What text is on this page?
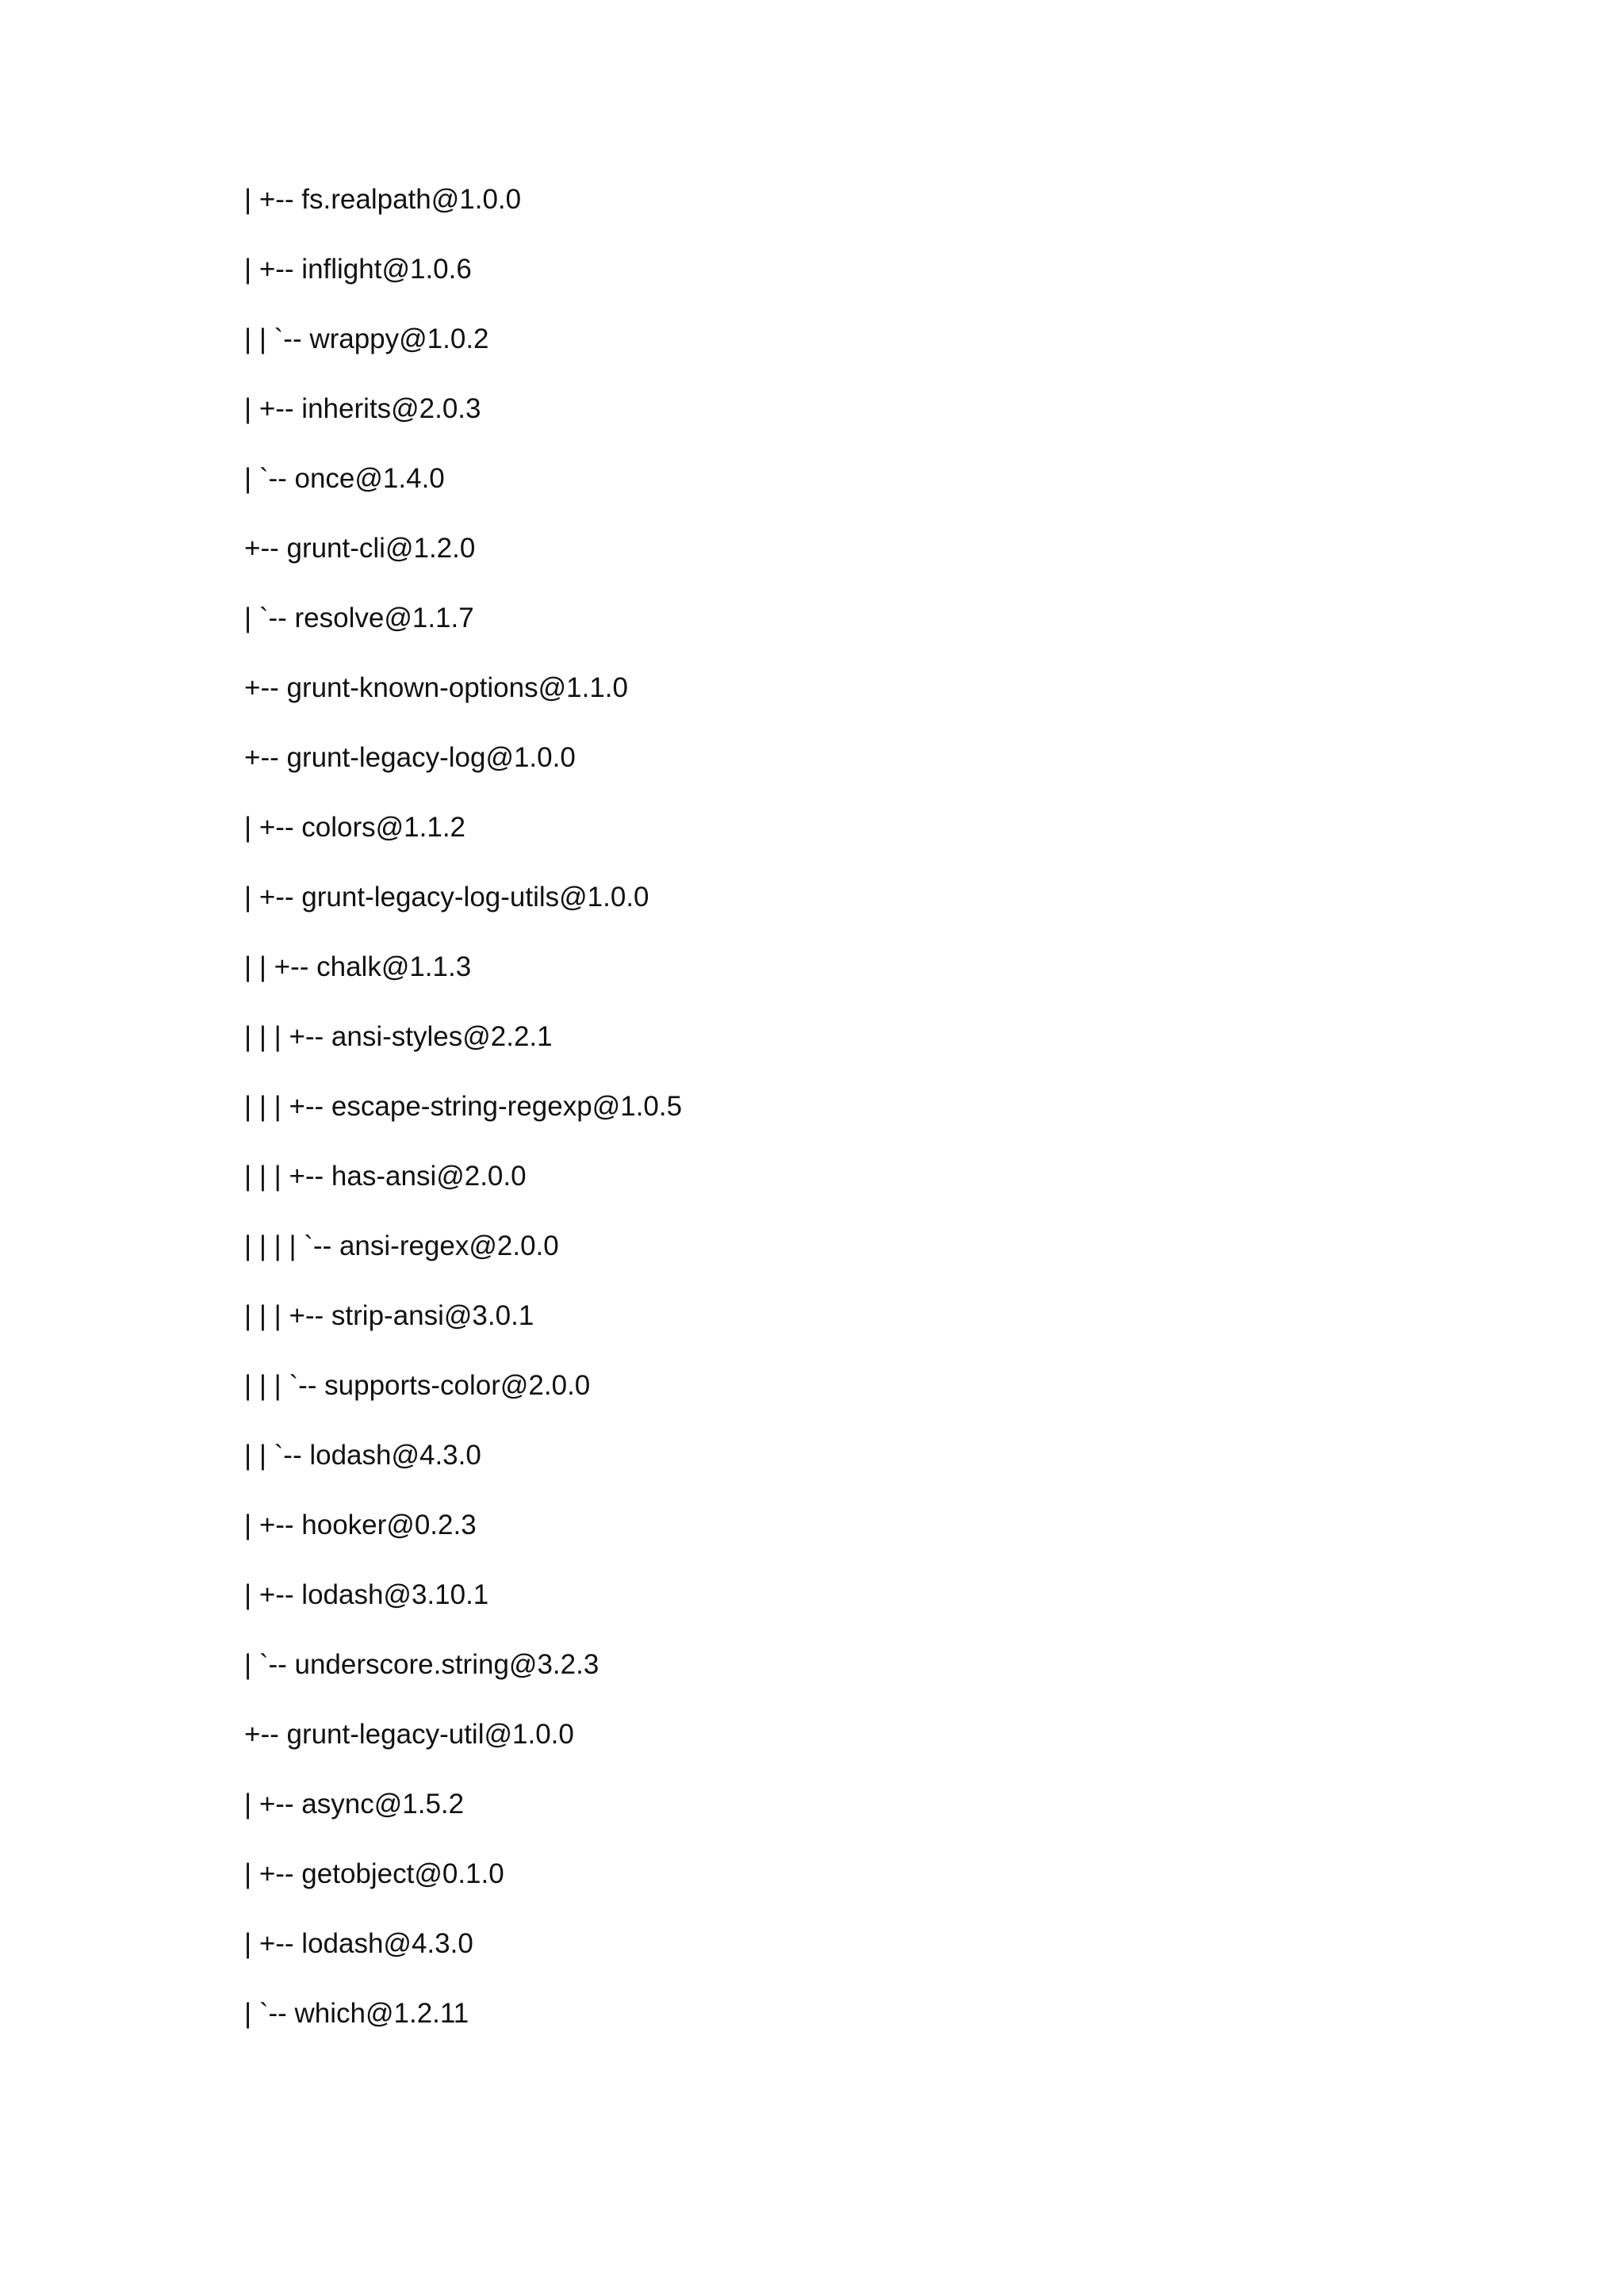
| +-- fs.realpath@1.0.0
| +-- inflight@1.0.6
| | `-- wrappy@1.0.2
| +-- inherits@2.0.3
| `-- once@1.4.0
+-- grunt-cli@1.2.0
| `-- resolve@1.1.7
+-- grunt-known-options@1.1.0
+-- grunt-legacy-log@1.0.0
| +-- colors@1.1.2
| +-- grunt-legacy-log-utils@1.0.0
| | +-- chalk@1.1.3
| | | +-- ansi-styles@2.2.1
| | | +-- escape-string-regexp@1.0.5
| | | +-- has-ansi@2.0.0
| | | | `-- ansi-regex@2.0.0
| | | +-- strip-ansi@3.0.1
| | | `-- supports-color@2.0.0
| | `-- lodash@4.3.0
| +-- hooker@0.2.3
| +-- lodash@3.10.1
| `-- underscore.string@3.2.3
+-- grunt-legacy-util@1.0.0
| +-- async@1.5.2
| +-- getobject@0.1.0
| +-- lodash@4.3.0
| `-- which@1.2.11
